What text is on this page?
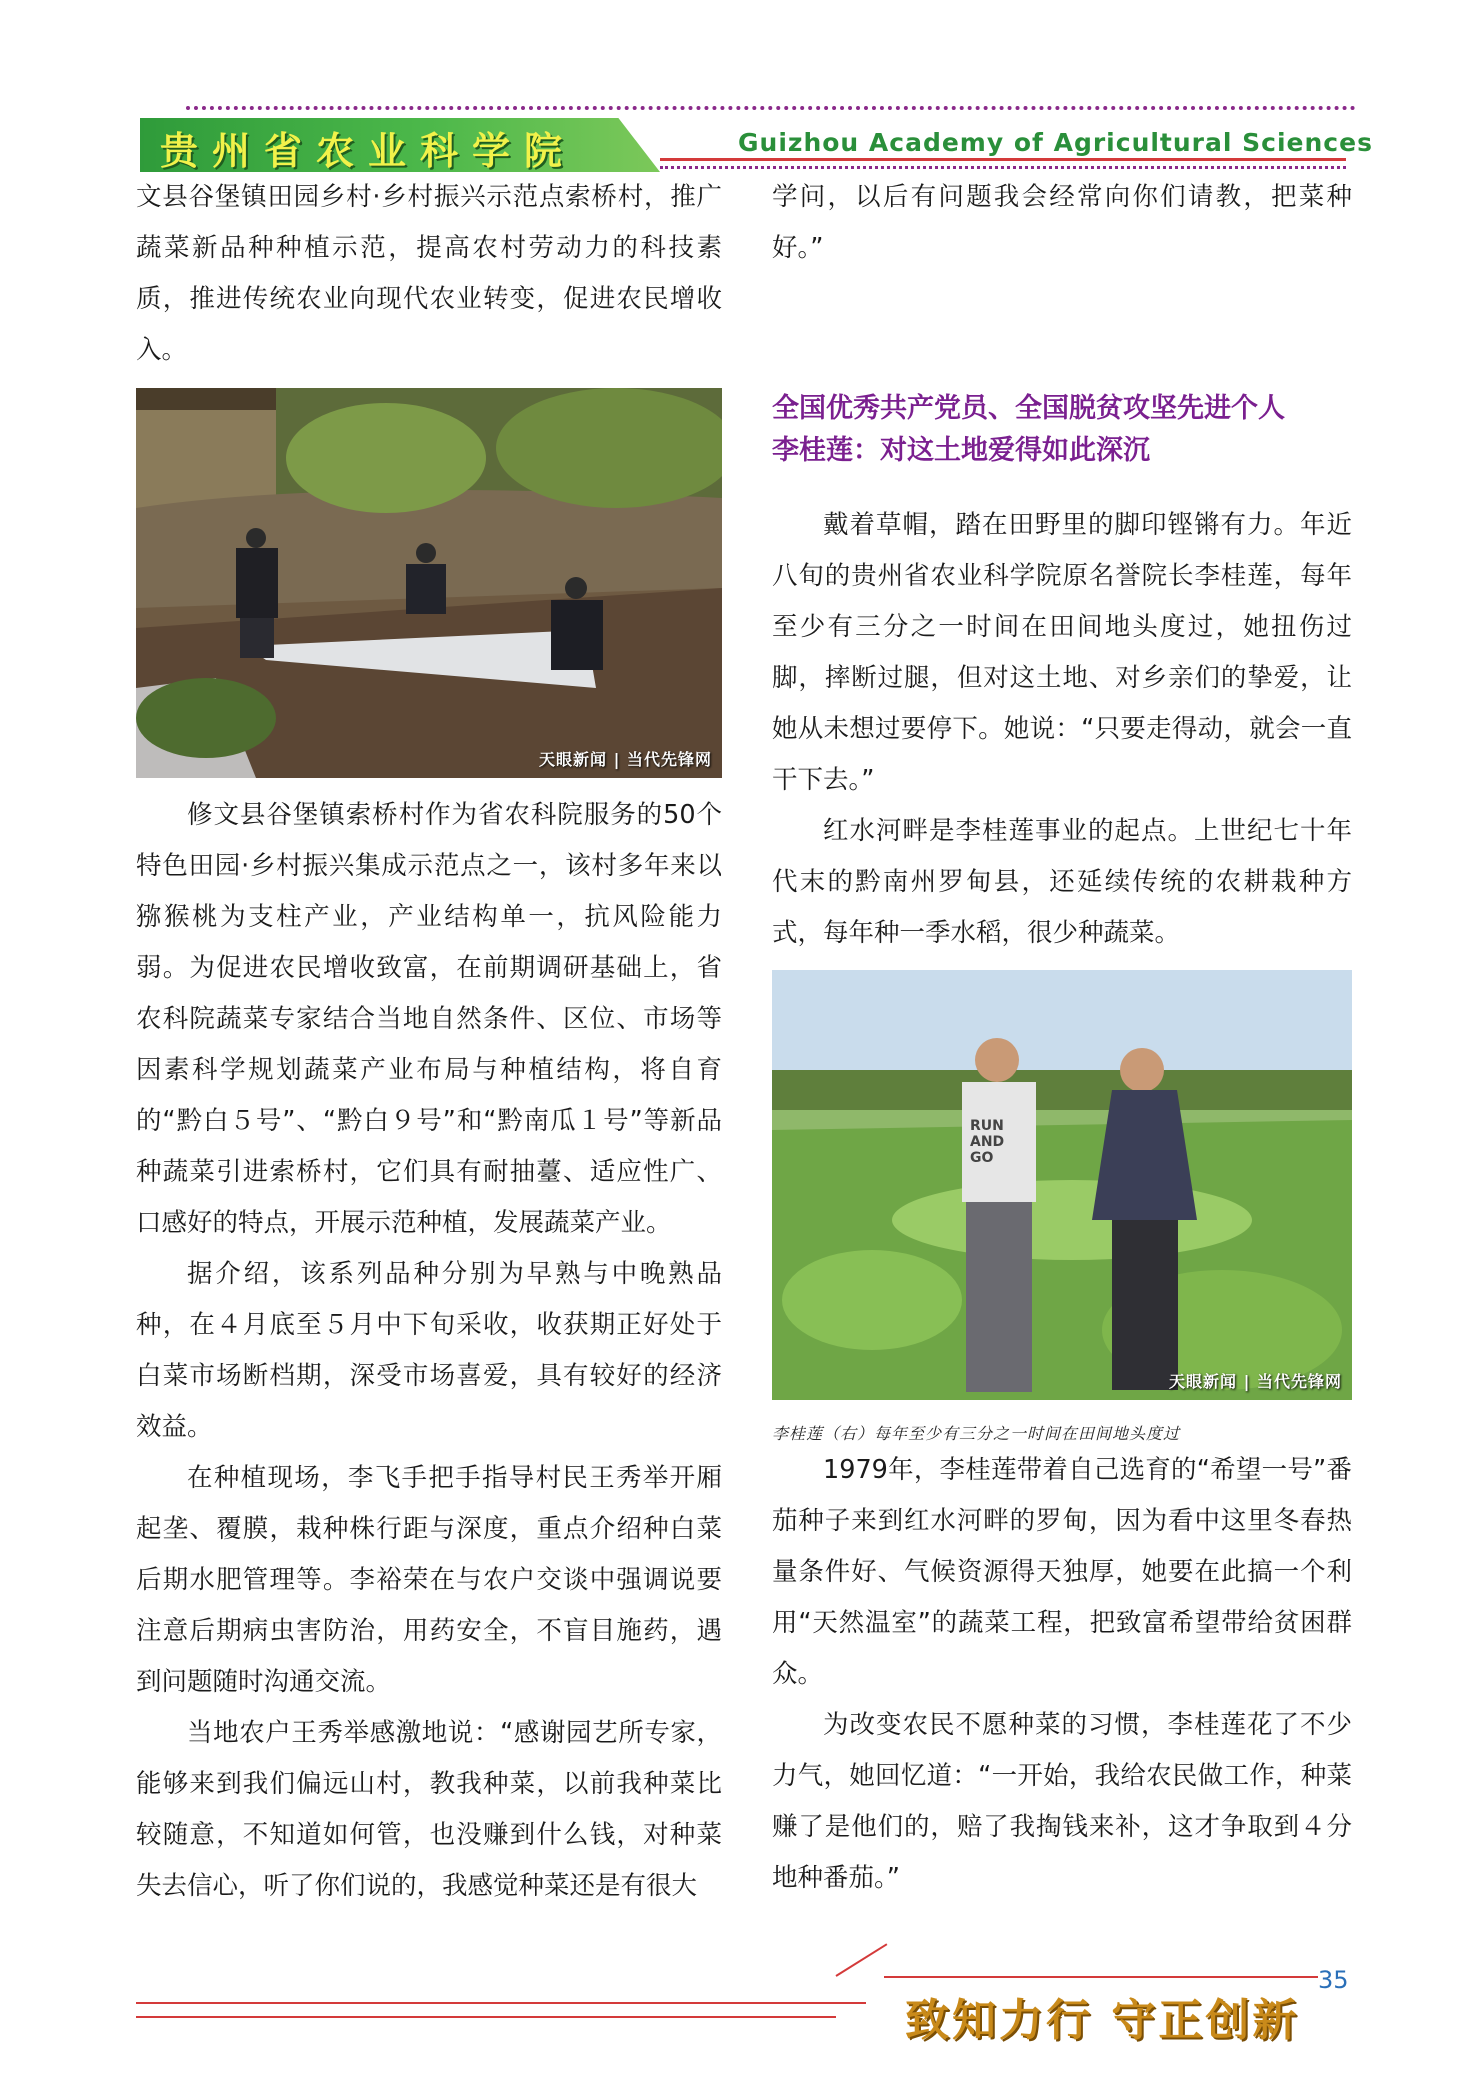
贵州省农业科学院	Guizhou Academy of Agricultural Sciences

文县谷堡镇田园乡村·乡村振兴示范点索桥村，推广蔬菜新品种种植示范，提高农村劳动力的科技素质，推进传统农业向现代农业转变，促进农民增收入。

天眼新闻 | 当代先锋网

修文县谷堡镇索桥村作为省农科院服务的50个特色田园·乡村振兴集成示范点之一，该村多年来以猕猴桃为支柱产业，产业结构单一，抗风险能力弱。为促进农民增收致富，在前期调研基础上，省农科院蔬菜专家结合当地自然条件、区位、市场等因素科学规划蔬菜产业布局与种植结构，将自育的“黔白５号”、“黔白９号”和“黔南瓜１号”等新品种蔬菜引进索桥村，它们具有耐抽薹、适应性广、口感好的特点，开展示范种植，发展蔬菜产业。

据介绍，该系列品种分别为早熟与中晚熟品种，在４月底至５月中下旬采收，收获期正好处于白菜市场断档期，深受市场喜爱，具有较好的经济效益。

在种植现场，李飞手把手指导村民王秀举开厢起垄、覆膜，栽种株行距与深度，重点介绍种白菜后期水肥管理等。李裕荣在与农户交谈中强调说要注意后期病虫害防治，用药安全，不盲目施药，遇到问题随时沟通交流。

当地农户王秀举感激地说：“感谢园艺所专家，能够来到我们偏远山村，教我种菜，以前我种菜比较随意，不知道如何管，也没赚到什么钱，对种菜失去信心，听了你们说的，我感觉种菜还是有很大

学问，以后有问题我会经常向你们请教，把菜种好。”

全国优秀共产党员、全国脱贫攻坚先进个人
李桂莲：对这土地爱得如此深沉

戴着草帽，踏在田野里的脚印铿锵有力。年近八旬的贵州省农业科学院原名誉院长李桂莲，每年至少有三分之一时间在田间地头度过，她扭伤过脚，摔断过腿，但对这土地、对乡亲们的挚爱，让她从未想过要停下。她说：“只要走得动，就会一直干下去。”

红水河畔是李桂莲事业的起点。上世纪七十年代末的黔南州罗甸县，还延续传统的农耕栽种方式，每年种一季水稻，很少种蔬菜。

RUN AND GO
天眼新闻 | 当代先锋网
李桂莲（右）每年至少有三分之一时间在田间地头度过

1979年，李桂莲带着自己选育的“希望一号”番茄种子来到红水河畔的罗甸，因为看中这里冬春热量条件好、气候资源得天独厚，她要在此搞一个利用“天然温室”的蔬菜工程，把致富希望带给贫困群众。

为改变农民不愿种菜的习惯，李桂莲花了不少力气，她回忆道：“一开始，我给农民做工作，种菜赚了是他们的，赔了我掏钱来补，这才争取到４分地种番茄。”

35
致知力行 守正创新
